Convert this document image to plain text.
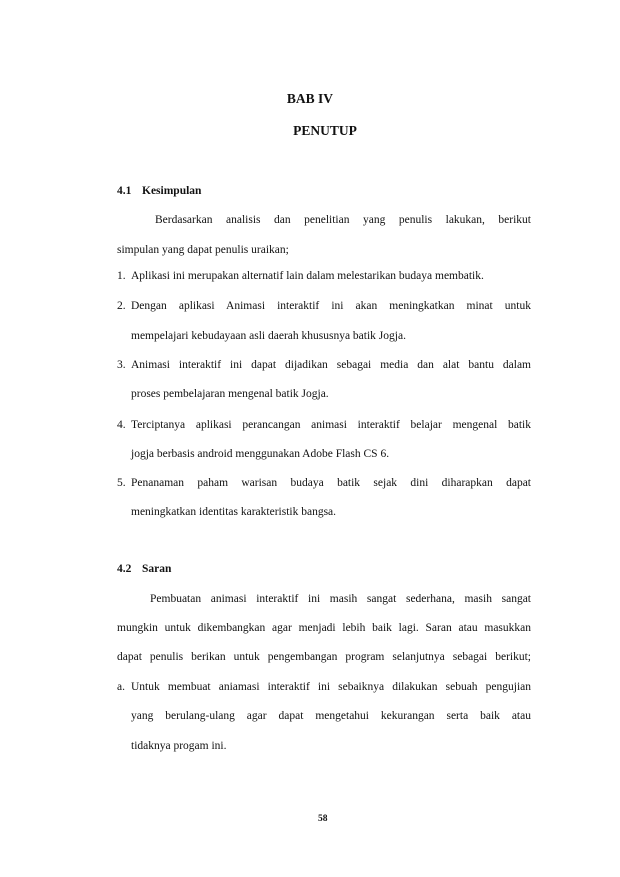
BAB IV
PENUTUP
4.1 Kesimpulan
Berdasarkan analisis dan penelitian yang penulis lakukan, berikut
simpulan yang dapat penulis uraikan;
1. Aplikasi ini merupakan alternatif lain dalam melestarikan budaya membatik.
2. Dengan aplikasi Animasi interaktif ini akan meningkatkan minat untuk
mempelajari kebudayaan asli daerah khususnya batik Jogja.
3. Animasi interaktif ini dapat dijadikan sebagai media dan alat bantu dalam
proses pembelajaran mengenal batik Jogja.
4. Terciptanya aplikasi perancangan animasi interaktif belajar mengenal batik
jogja berbasis android menggunakan Adobe Flash CS 6.
5. Penanaman paham warisan budaya batik sejak dini diharapkan dapat
meningkatkan identitas karakteristik bangsa.
4.2 Saran
Pembuatan animasi interaktif ini masih sangat sederhana, masih sangat
mungkin untuk dikembangkan agar menjadi lebih baik lagi. Saran atau masukkan
dapat penulis berikan untuk pengembangan program selanjutnya sebagai berikut;
a. Untuk membuat aniamasi interaktif ini sebaiknya dilakukan sebuah pengujian
yang berulang-ulang agar dapat mengetahui kekurangan serta baik atau
tidaknya progam ini.
58
